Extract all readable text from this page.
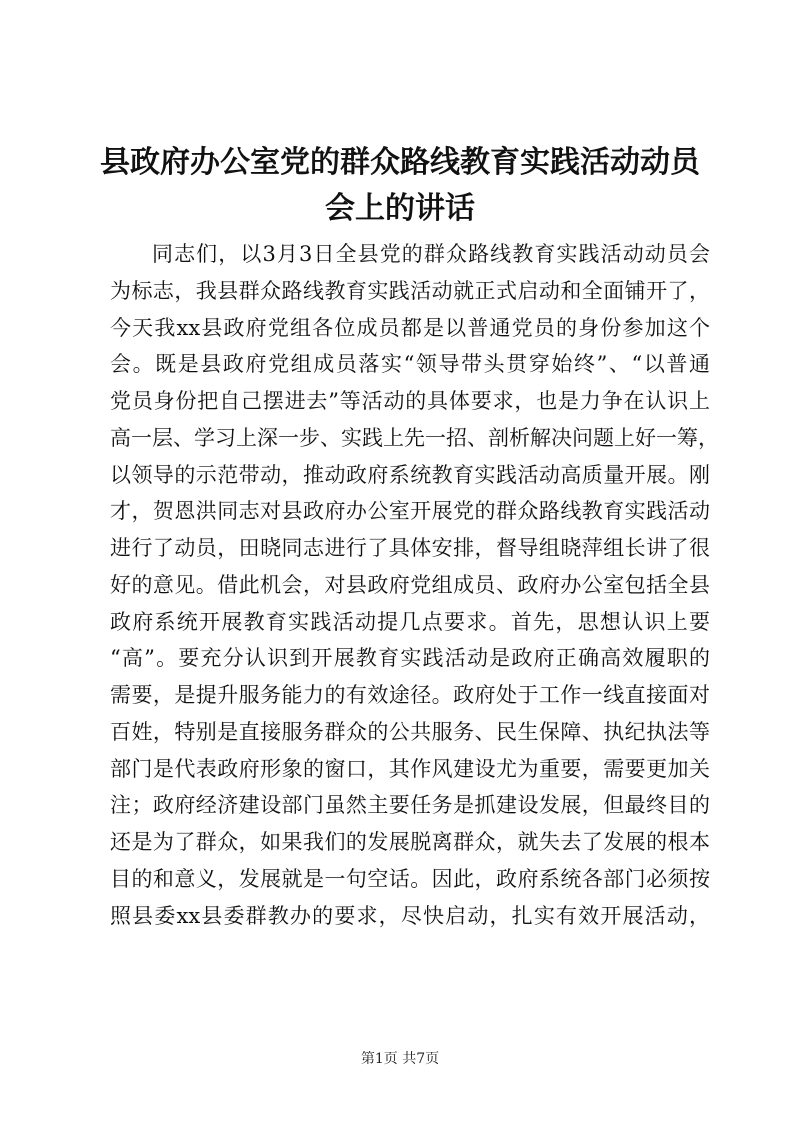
县政府办公室党的群众路线教育实践活动动员
会上的讲话
同志们，以3月3日全县党的群众路线教育实践活动动员会
为标志，我县群众路线教育实践活动就正式启动和全面铺开了，
今天我xx县政府党组各位成员都是以普通党员的身份参加这个
会。既是县政府党组成员落实“领导带头贯穿始终”、“以普通
党员身份把自己摆进去”等活动的具体要求，也是力争在认识上
高一层、学习上深一步、实践上先一招、剖析解决问题上好一筹，
以领导的示范带动，推动政府系统教育实践活动高质量开展。刚
才，贺恩洪同志对县政府办公室开展党的群众路线教育实践活动
进行了动员，田晓同志进行了具体安排，督导组晓萍组长讲了很
好的意见。借此机会，对县政府党组成员、政府办公室包括全县
政府系统开展教育实践活动提几点要求。首先，思想认识上要
“高”。要充分认识到开展教育实践活动是政府正确高效履职的
需要，是提升服务能力的有效途径。政府处于工作一线直接面对
百姓，特别是直接服务群众的公共服务、民生保障、执纪执法等
部门是代表政府形象的窗口，其作风建设尤为重要，需要更加关
注；政府经济建设部门虽然主要任务是抓建设发展，但最终目的
还是为了群众，如果我们的发展脱离群众，就失去了发展的根本
目的和意义，发展就是一句空话。因此，政府系统各部门必须按
照县委xx县委群教办的要求，尽快启动，扎实有效开展活动，
第1页 共7页
